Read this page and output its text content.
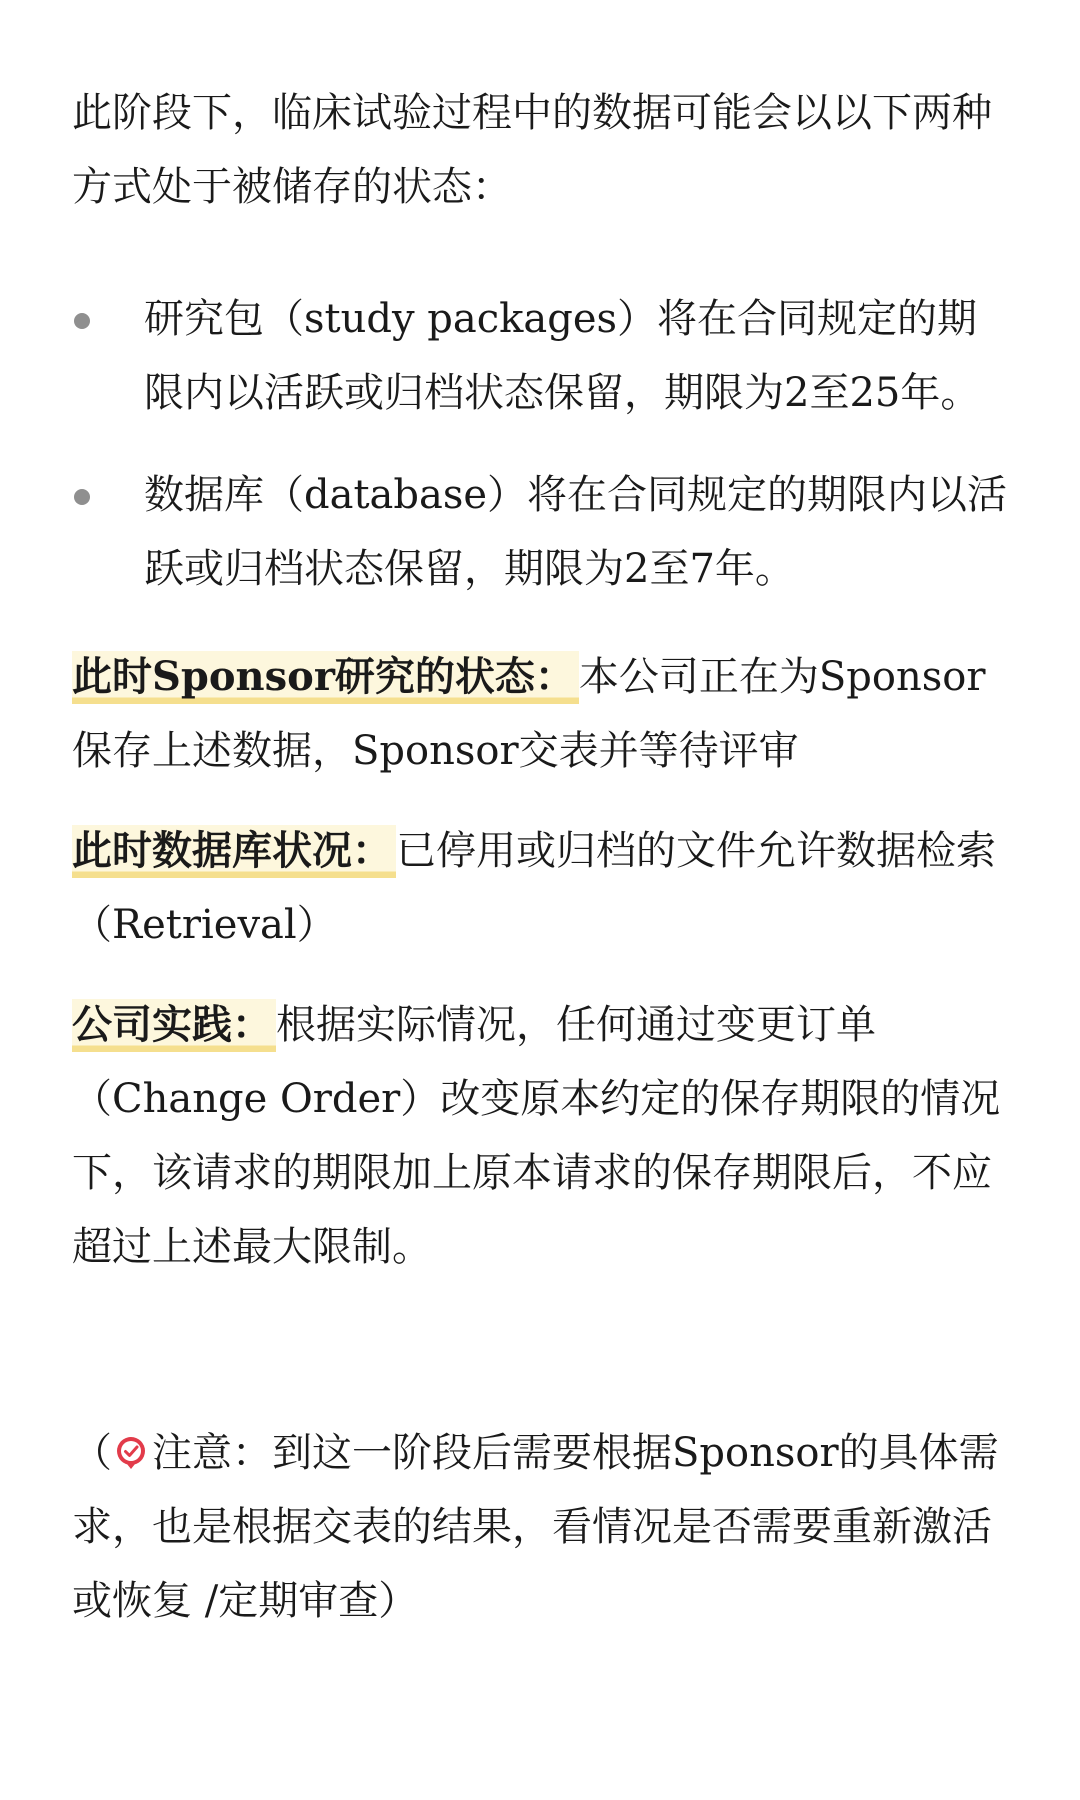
此阶段下，临床试验过程中的数据可能会以以下两种方式处于被储存的状态：

研究包（study packages）将在合同规定的期限内以活跃或归档状态保留，期限为2至25年。
数据库（database）将在合同规定的期限内以活跃或归档状态保留，期限为2至7年。

此时Sponsor研究的状态： 本公司正在为Sponsor保存上述数据，Sponsor交表并等待评审

此时数据库状况： 已停用或归档的文件允许数据检索（Retrieval）

公司实践： 根据实际情况，任何通过变更订单（Change Order）改变原本约定的保存期限的情况下，该请求的期限加上原本请求的保存期限后，不应超过上述最大限制。

（ 注意：到这一阶段后需要根据Sponsor的具体需求，也是根据交表的结果，看情况是否需要重新激活或恢复 /定期审查）
